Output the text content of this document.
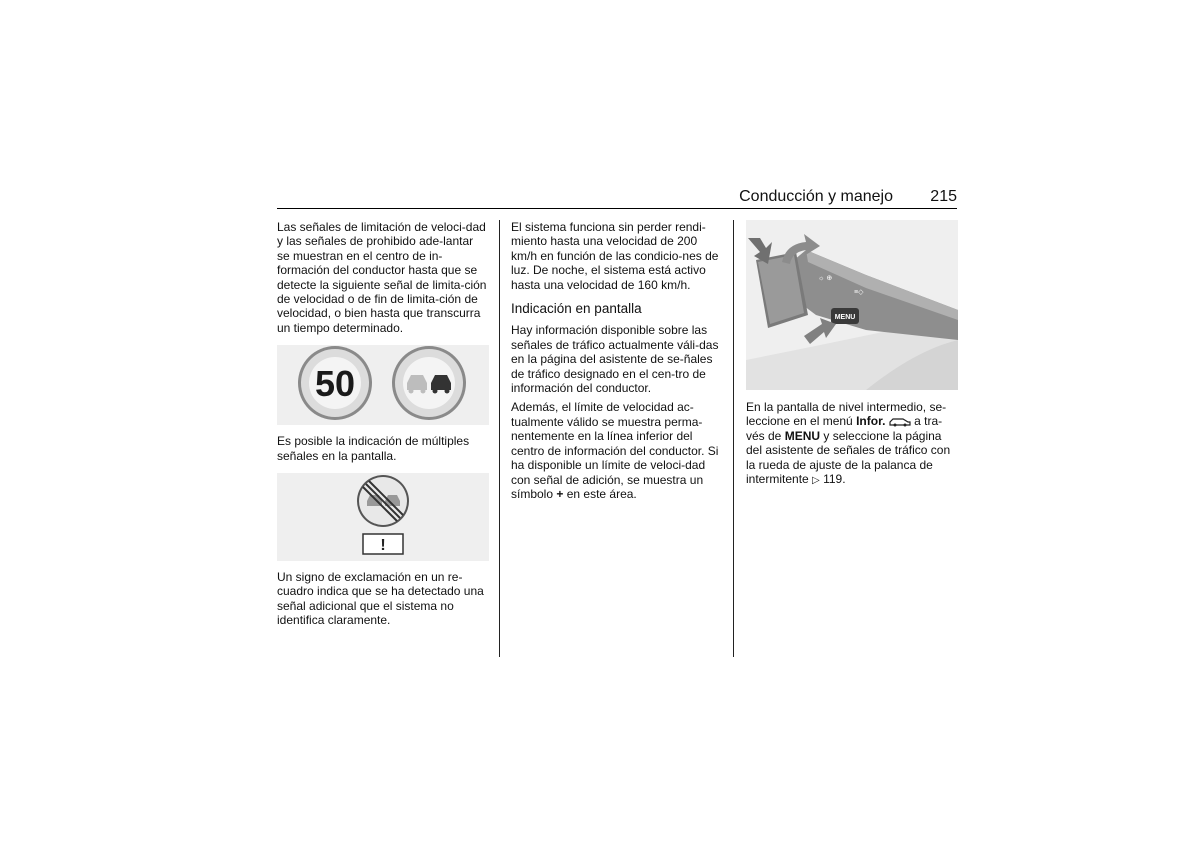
Conducción y manejo 215

Las señales de limitación de veloci-dad y las señales de prohibido ade-lantar se muestran en el centro de in-formación del conductor hasta que se detecte la siguiente señal de limita-ción de velocidad o de fin de limita-ción de velocidad, o bien hasta que transcurra un tiempo determinado.

50

Es posible la indicación de múltiples señales en la pantalla.

!

Un signo de exclamación en un re-cuadro indica que se ha detectado una señal adicional que el sistema no identifica claramente.

El sistema funciona sin perder rendi-miento hasta una velocidad de 200 km/h en función de las condicio-nes de luz. De noche, el sistema está activo hasta una velocidad de 160 km/h.

Indicación en pantalla

Hay información disponible sobre las señales de tráfico actualmente váli-das en la página del asistente de se-ñales de tráfico designado en el cen-tro de información del conductor.

Además, el límite de velocidad ac-tualmente válido se muestra perma-nentemente en la línea inferior del centro de información del conductor. Si ha disponible un límite de veloci-dad con señal de adición, se muestra un símbolo + en este área.

☼ ⊕
≡◇
MENU

En la pantalla de nivel intermedio, se-leccione en el menú Infor.  a tra-vés de MENU y seleccione la página del asistente de señales de tráfico con la rueda de ajuste de la palanca de intermitente ▷ 119.
